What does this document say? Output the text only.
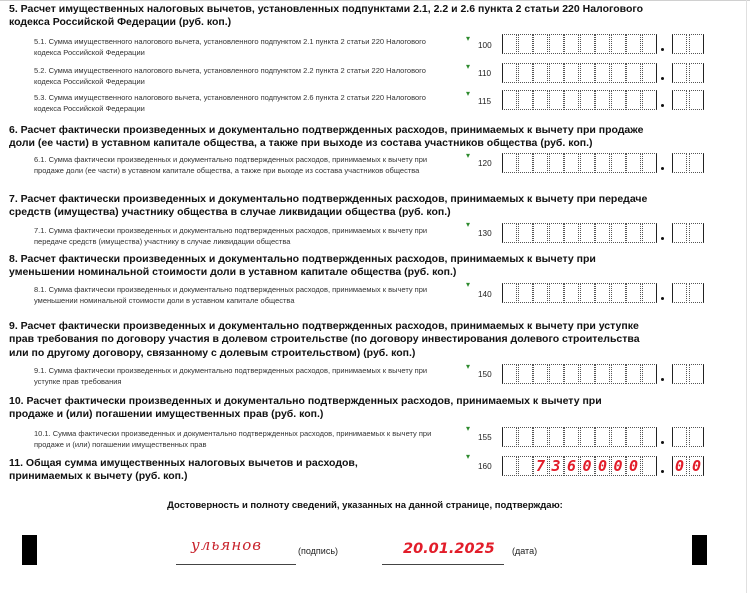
5. Расчет имущественных налоговых вычетов, установленных подпунктами 2.1, 2.2 и 2.6 пункта 2 статьи 220 Налогового кодекса Российской Федерации (руб. коп.)

5.1. Сумма имущественного налогового вычета, установленного подпунктом 2.1 пункта 2 статьи 220 Налогового кодекса Российской Федерации

▾
100

5.2. Сумма имущественного налогового вычета, установленного подпунктом 2.2 пункта 2 статьи 220 Налогового кодекса Российской Федерации

▾
110

5.3. Сумма имущественного налогового вычета, установленного подпунктом 2.6 пункта 2 статьи 220 Налогового кодекса Российской Федерации

▾
115

6. Расчет фактически произведенных и документально подтвержденных расходов, принимаемых к вычету при продаже доли (ее части) в уставном капитале общества, а также при выходе из состава участников общества (руб. коп.)

6.1. Сумма фактически произведенных и документально подтвержденных расходов, принимаемых к вычету при продаже доли (ее части) в уставном капитале общества, а также при выходе из состава участников общества

▾
120

7. Расчет фактически произведенных и документально подтвержденных расходов, принимаемых к вычету при передаче средств (имущества) участнику общества в случае ликвидации общества (руб. коп.)

7.1. Сумма фактически произведенных и документально подтвержденных расходов, принимаемых к вычету при передаче средств (имущества) участнику в случае ликвидации общества

▾
130

8. Расчет фактически произведенных и документально подтвержденных расходов, принимаемых к вычету при уменьшении номинальной стоимости доли в уставном капитале общества (руб. коп.)

8.1. Сумма фактически произведенных и документально подтвержденных расходов, принимаемых к вычету при уменьшении номинальной стоимости доли в уставном капитале общества

▾
140

9. Расчет фактически произведенных и документально подтвержденных расходов, принимаемых к вычету при уступке прав требования по договору участия в долевом строительстве (по договору инвестирования долевого строительства или по другому договору, связанному с долевым строительством) (руб. коп.)

9.1. Сумма фактически произведенных и документально подтвержденных расходов, принимаемых к вычету при уступке прав требования

▾
150

10. Расчет фактически произведенных и документально подтвержденных расходов, принимаемых к вычету при продаже и (или) погашении имущественных прав (руб. коп.)

10.1. Сумма фактически произведенных и документально подтвержденных расходов, принимаемых к вычету при продаже и (или) погашении имущественных прав

▾
155

11. Общая сумма имущественных налоговых вычетов и расходов, принимаемых к вычету (руб. коп.)

▾
160	7 3 6 0 0 0 0 0 0
Достоверность и полноту сведений, указанных на данной странице, подтверждаю:
ульянов	(подпись)	20.01.2025 (дата)
